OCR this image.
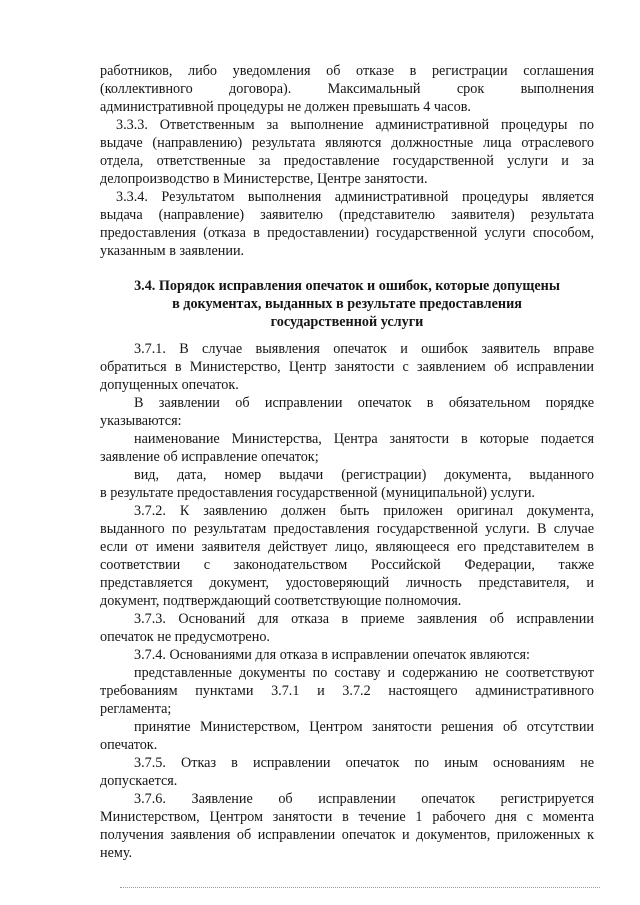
работников, либо уведомления об отказе в регистрации соглашения
(коллективного договора). Максимальный срок выполнения
административной процедуры не должен превышать 4 часов.
3.3.3. Ответственным за выполнение административной процедуры по
выдаче (направлению) результата являются должностные лица отраслевого
отдела, ответственные за предоставление государственной услуги и за
делопроизводство в Министерстве, Центре занятости.
3.3.4. Результатом выполнения административной процедуры является
выдача (направление) заявителю (представителю заявителя) результата
предоставления (отказа в предоставлении) государственной услуги способом,
указанным в заявлении.
3.4. Порядок исправления опечаток и ошибок, которые допущены
в документах, выданных в результате предоставления
государственной услуги
3.7.1. В случае выявления опечаток и ошибок заявитель вправе
обратиться в Министерство, Центр занятости с заявлением об исправлении
допущенных опечаток.
В заявлении об исправлении опечаток в обязательном порядке
указываются:
наименование Министерства, Центра занятости в которые подается
заявление об исправление опечаток;
вид, дата, номер выдачи (регистрации) документа, выданного
в результате предоставления государственной (муниципальной) услуги.
3.7.2. К заявлению должен быть приложен оригинал документа,
выданного по результатам предоставления государственной услуги. В случае
если от имени заявителя действует лицо, являющееся его представителем в
соответствии с законодательством Российской Федерации, также
представляется документ, удостоверяющий личность представителя, и
документ, подтверждающий соответствующие полномочия.
3.7.3. Оснований для отказа в приеме заявления об исправлении
опечаток не предусмотрено.
3.7.4. Основаниями для отказа в исправлении опечаток являются:
представленные документы по составу и содержанию не соответствуют
требованиям пунктами 3.7.1 и 3.7.2 настоящего административного
регламента;
принятие Министерством, Центром занятости решения об отсутствии
опечаток.
3.7.5. Отказ в исправлении опечаток по иным основаниям не
допускается.
3.7.6. Заявление об исправлении опечаток регистрируется
Министерством, Центром занятости в течение 1 рабочего дня с момента
получения заявления об исправлении опечаток и документов, приложенных к
нему.
